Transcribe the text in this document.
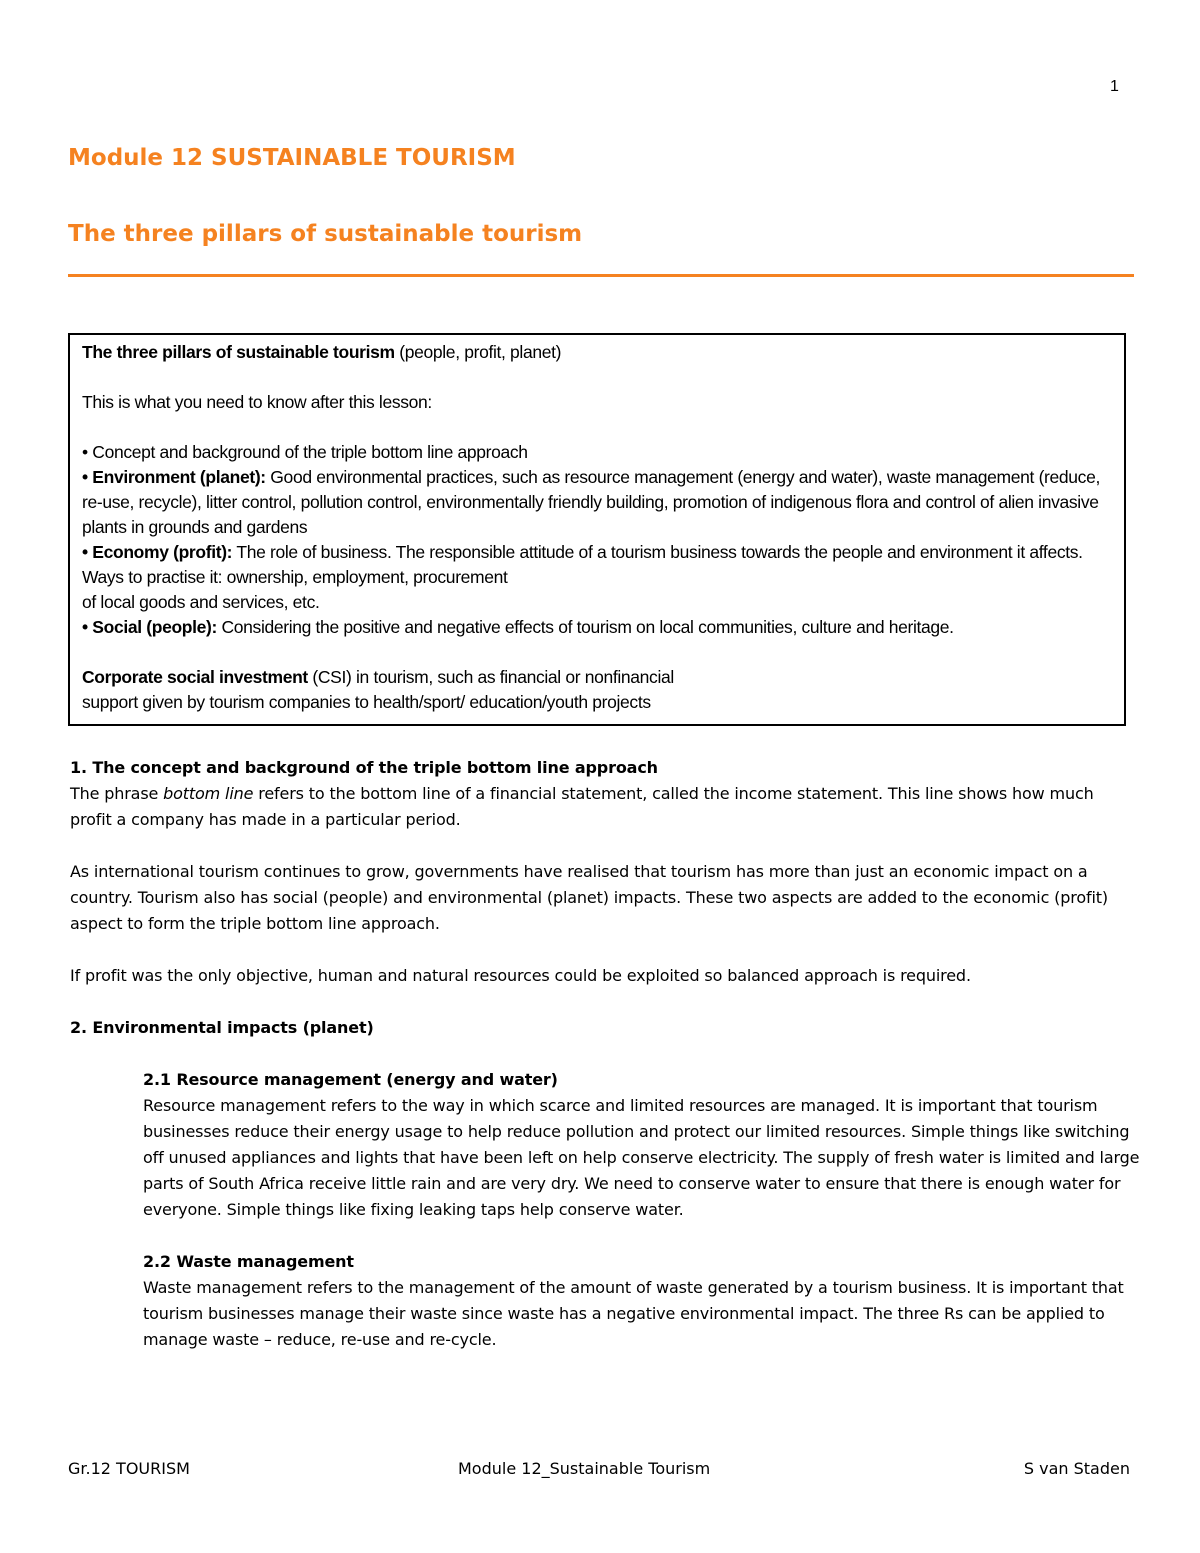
1
Module 12 SUSTAINABLE TOURISM
The three pillars of sustainable tourism

The three pillars of sustainable tourism (people, profit, planet)

This is what you need to know after this lesson:

• Concept and background of the triple bottom line approach

• Environment (planet): Good environmental practices, such as resource management (energy and water), waste management (reduce, re-use, recycle), litter control, pollution control, environmentally friendly building, promotion of indigenous flora and control of alien invasive plants in grounds and gardens

• Economy (profit): The role of business. The responsible attitude of a tourism business towards the people and environment it affects. Ways to practise it: ownership, employment, procurement

of local goods and services, etc.

• Social (people): Considering the positive and negative effects of tourism on local communities, culture and heritage.

Corporate social investment (CSI) in tourism, such as financial or nonfinancial

support given by tourism companies to health/sport/ education/youth projects

1. The concept and background of the triple bottom line approach

The phrase bottom line refers to the bottom line of a financial statement, called the income statement. This line shows how much profit a company has made in a particular period.

As international tourism continues to grow, governments have realised that tourism has more than just an economic impact on a country. Tourism also has social (people) and environmental (planet) impacts. These two aspects are added to the economic (profit) aspect to form the triple bottom line approach.

If profit was the only objective, human and natural resources could be exploited so balanced approach is required.

2. Environmental impacts (planet)

2.1 Resource management (energy and water)

Resource management refers to the way in which scarce and limited resources are managed. It is important that tourism businesses reduce their energy usage to help reduce pollution and protect our limited resources. Simple things like switching off unused appliances and lights that have been left on help conserve electricity. The supply of fresh water is limited and large parts of South Africa receive little rain and are very dry. We need to conserve water to ensure that there is enough water for everyone. Simple things like fixing leaking taps help conserve water.

2.2 Waste management

Waste management refers to the management of the amount of waste generated by a tourism business. It is important that tourism businesses manage their waste since waste has a negative environmental impact. The three Rs can be applied to manage waste – reduce, re-use and re-cycle.

Gr.12 TOURISM	Module 12_Sustainable Tourism	S van Staden
